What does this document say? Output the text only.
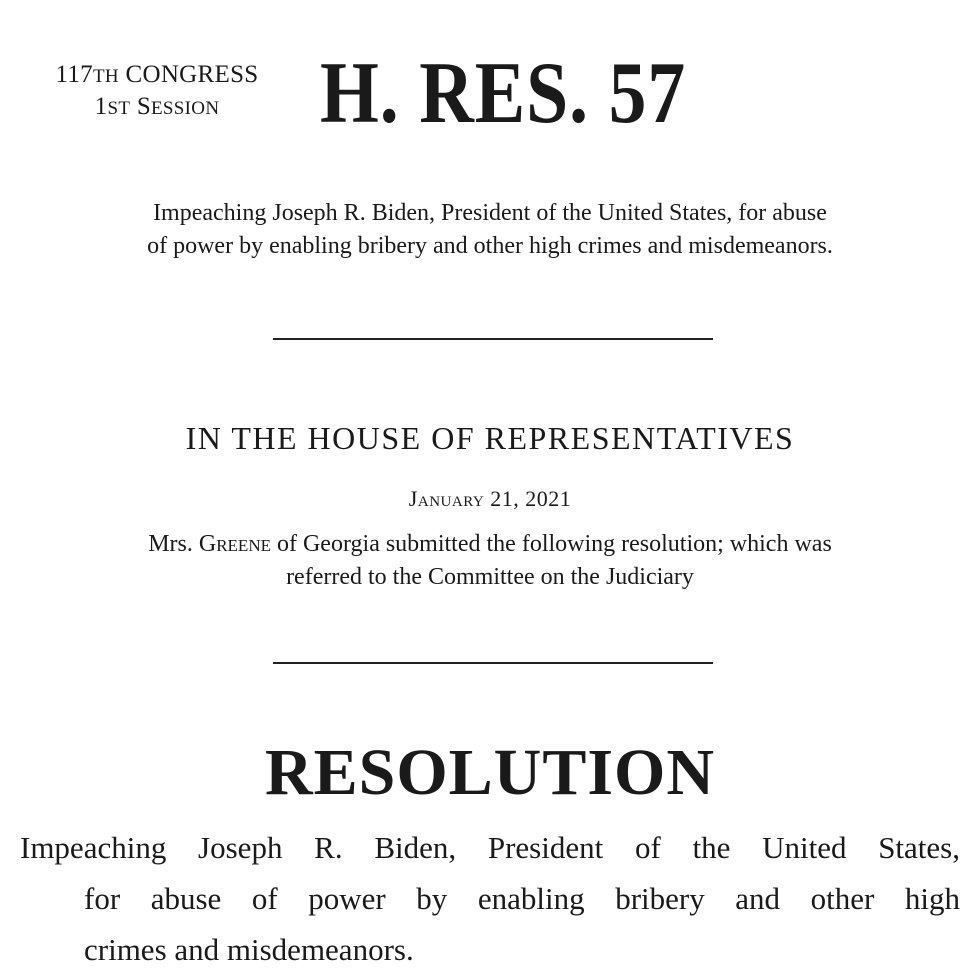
117TH CONGRESS
1ST SESSION	H. RES. 57
Impeaching Joseph R. Biden, President of the United States, for abuse
of power by enabling bribery and other high crimes and misdemeanors.
IN THE HOUSE OF REPRESENTATIVES
January 21, 2021
Mrs. Greene of Georgia submitted the following resolution; which was
referred to the Committee on the Judiciary
RESOLUTION
Impeaching Joseph R. Biden, President of the United States,
for abuse of power by enabling bribery and other high
crimes and misdemeanors.
